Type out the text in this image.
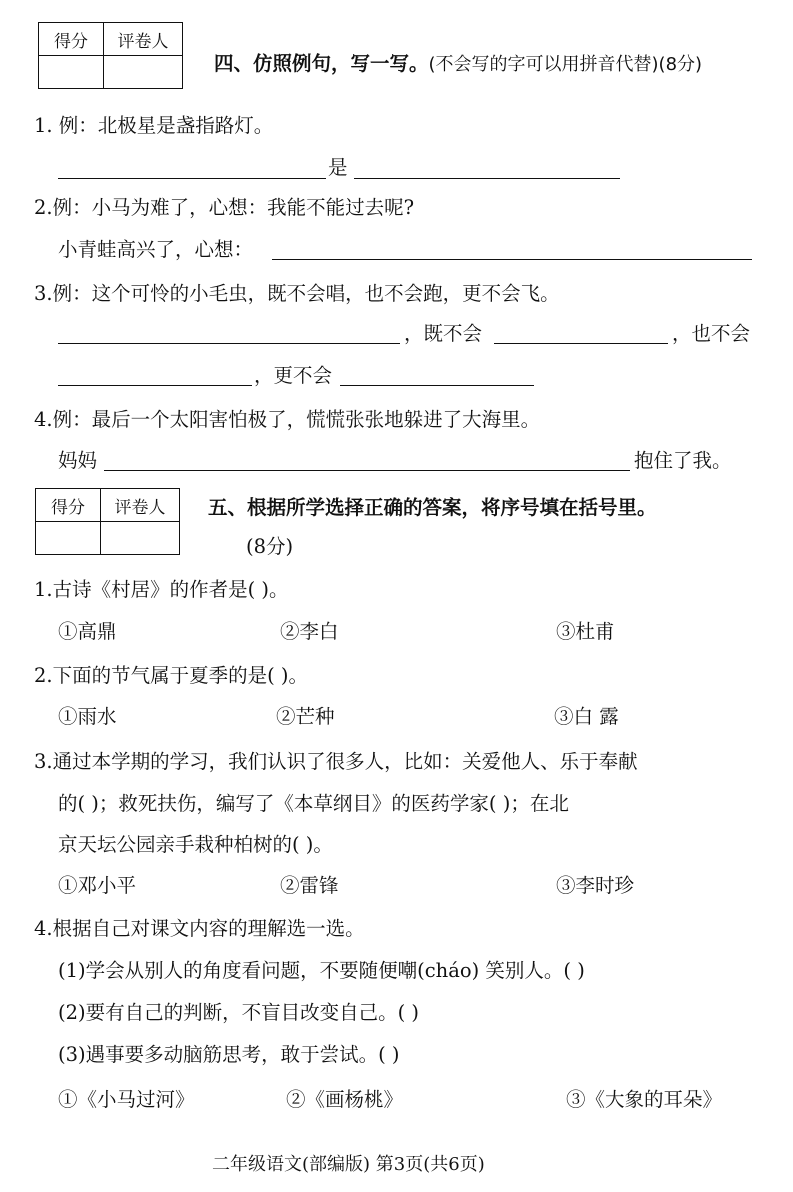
得分	评卷人

四、仿照例句，写一写。(不会写的字可以用拼音代替)(8分)
1. 例：北极星是盏指路灯。
是
2.例：小马为难了，心想：我能不能过去呢?
小青蛙高兴了，心想：
3.例：这个可怜的小毛虫，既不会唱，也不会跑，更不会飞。
，既不会	，也不会
，更不会
4.例：最后一个太阳害怕极了，慌慌张张地躲进了大海里。
妈妈	抱住了我。
得分	评卷人
	五、根据所学选择正确的答案，将序号填在括号里。
(8分)
1.古诗《村居》的作者是( )。
①高鼎	②李白	③杜甫
2.下面的节气属于夏季的是( )。
①雨水	②芒种	③白 露
3.通过本学期的学习，我们认识了很多人，比如：关爱他人、乐于奉献
的( )；救死扶伤，编写了《本草纲目》的医药学家( )；在北
京天坛公园亲手栽种柏树的( )。
①邓小平	②雷锋	③李时珍
4.根据自己对课文内容的理解选一选。
(1)学会从别人的角度看问题，不要随便嘲(cháo) 笑别人。( )
(2)要有自己的判断，不盲目改变自己。( )
(3)遇事要多动脑筋思考，敢于尝试。( )
①《小马过河》	②《画杨桃》	③《大象的耳朵》
二年级语文(部编版) 第3页(共6页)
